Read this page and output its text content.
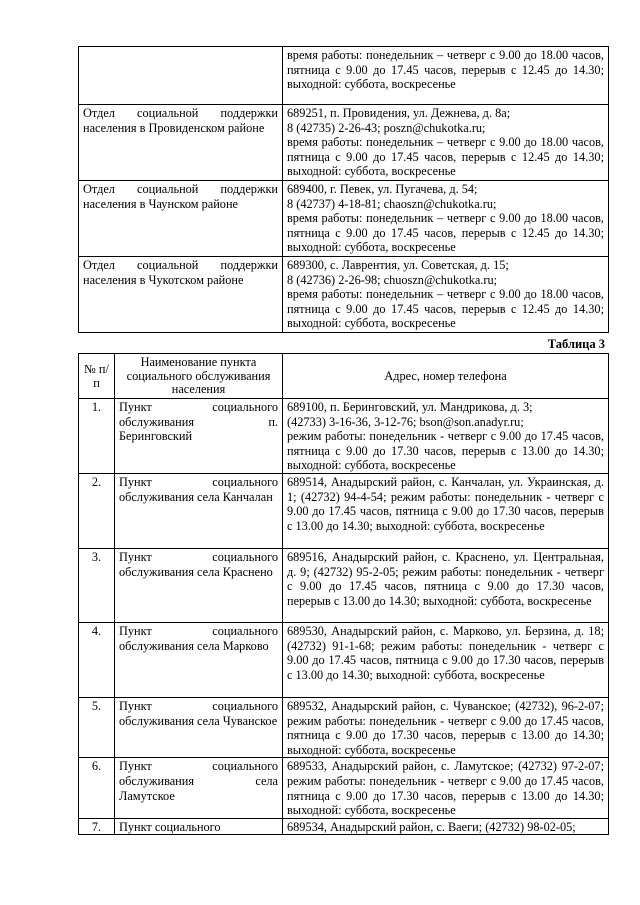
	время работы: понедельник – четверг с 9.00 до 18.00 часов, пятница с 9.00 до 17.45 часов, перерыв с 12.45 до 14.30; выходной: суббота, воскресенье
Отдел социальной поддержки населения в Провиденском районе	689251, п. Провидения, ул. Дежнева, д. 8а;
8 (42735) 2-26-43; poszn@chukotka.ru;
время работы: понедельник – четверг с 9.00 до 18.00 часов, пятница с 9.00 до 17.45 часов, перерыв с 12.45 до 14.30; выходной: суббота, воскресенье

Отдел социальной поддержки населения в Чаунском районе	689400, г. Певек, ул. Пугачева, д. 54;
8 (42737) 4-18-81; chaoszn@chukotka.ru;
время работы: понедельник – четверг с 9.00 до 18.00 часов, пятница с 9.00 до 17.45 часов, перерыв с 12.45 до 14.30; выходной: суббота, воскресенье

Отдел социальной поддержки населения в Чукотском районе	689300, с. Лаврентия, ул. Советская, д. 15;
8 (42736) 2-26-98; chuoszn@chukotka.ru;
время работы: понедельник – четверг с 9.00 до 18.00 часов, пятница с 9.00 до 17.45 часов, перерыв с 12.45 до 14.30; выходной: суббота, воскресенье
Таблица 3
№ п/п	Наименование пункта социального обслуживания населения	Адрес, номер телефона
1.	Пункт социального обслуживания п. Беринговский	689100, п. Беринговский, ул. Мандрикова, д. 3;
(42733) 3-16-36, 3-12-76; bson@son.anadyr.ru;
режим работы: понедельник - четверг с 9.00 до 17.45 часов, пятница с 9.00 до 17.30 часов, перерыв с 13.00 до 14.30; выходной: суббота, воскресенье

2.	Пункт социального обслуживания села Канчалан	689514, Анадырский район, с. Канчалан, ул. Украинская, д. 1; (42732) 94-4-54; режим работы: понедельник - четверг с 9.00 до 17.45 часов, пятница с 9.00 до 17.30 часов, перерыв с 13.00 до 14.30; выходной: суббота, воскресенье
3.	Пункт социального обслуживания села Краснено	689516, Анадырский район, с. Краснено, ул. Центральная, д. 9; (42732) 95-2-05; режим работы: понедельник - четверг с 9.00 до 17.45 часов, пятница с 9.00 до 17.30 часов, перерыв с 13.00 до 14.30; выходной: суббота, воскресенье
4.	Пункт социального обслуживания села Марково	689530, Анадырский район, с. Марково, ул. Берзина, д. 18; (42732) 91-1-68; режим работы: понедельник - четверг с 9.00 до 17.45 часов, пятница с 9.00 до 17.30 часов, перерыв с 13.00 до 14.30; выходной: суббота, воскресенье
5.	Пункт социального обслуживания села Чуванское	689532, Анадырский район, с. Чуванское; (42732), 96-2-07; режим работы: понедельник - четверг с 9.00 до 17.45 часов, пятница с 9.00 до 17.30 часов, перерыв с 13.00 до 14.30; выходной: суббота, воскресенье
6.	Пункт социального обслуживания села Ламутское	689533, Анадырский район, с. Ламутское; (42732) 97-2-07; режим работы: понедельник - четверг с 9.00 до 17.45 часов, пятница с 9.00 до 17.30 часов, перерыв с 13.00 до 14.30; выходной: суббота, воскресенье
7.	Пункт социального	689534, Анадырский район, с. Ваеги; (42732) 98-02-05;
